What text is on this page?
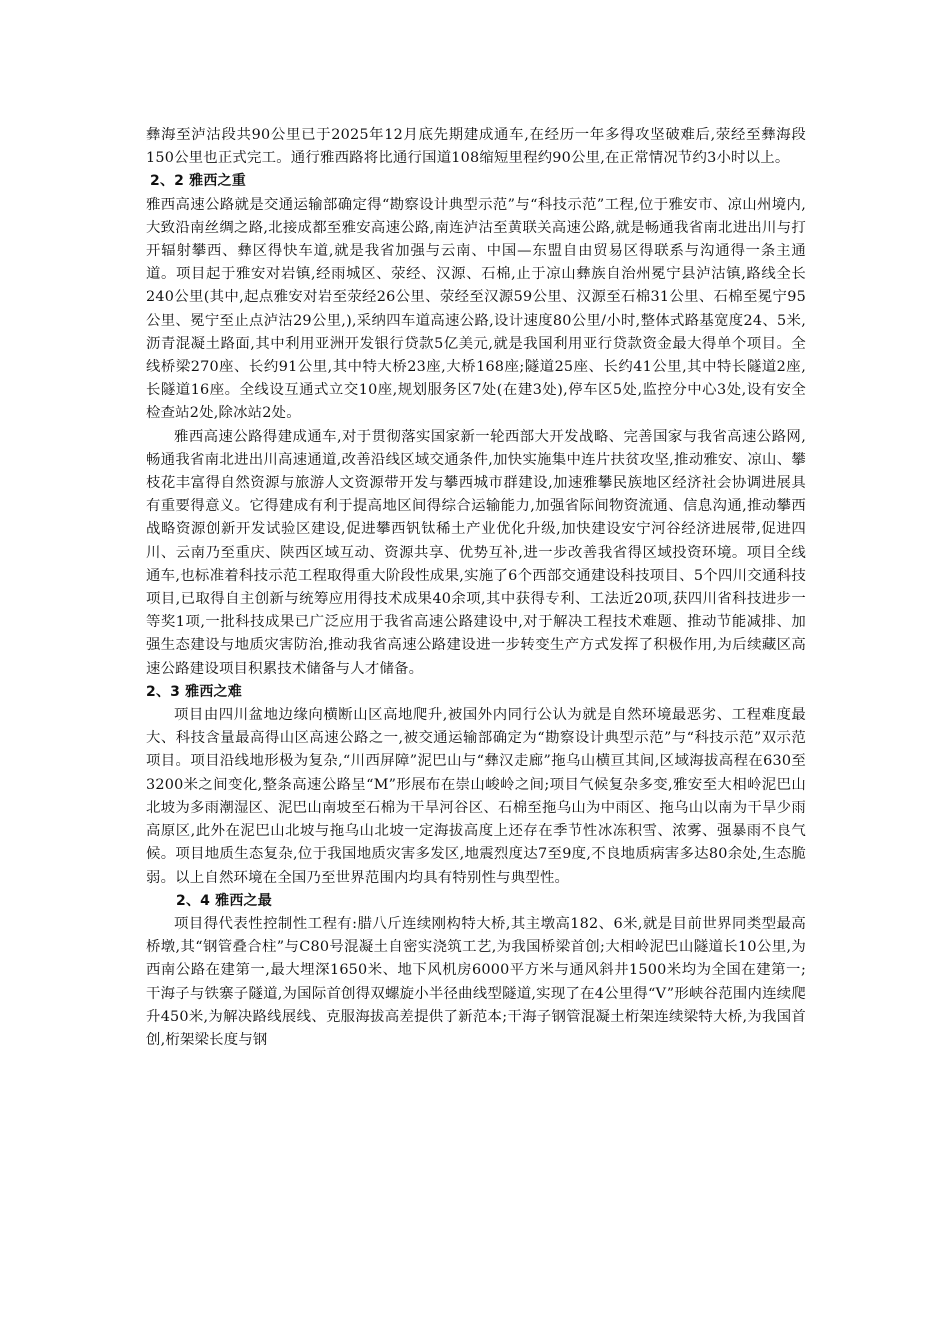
彝海至泸沽段共90公里已于2025年12月底先期建成通车,在经历一年多得攻坚破难后,荥经至彝海段150公里也正式完工。通行雅西路将比通行国道108缩短里程约90公里,在正常情况节约3小时以上。

2、2 雅西之重

雅西高速公路就是交通运输部确定得“勘察设计典型示范”与“科技示范”工程,位于雅安市、凉山州境内,大致沿南丝绸之路,北接成都至雅安高速公路,南连泸沽至黄联关高速公路,就是畅通我省南北进出川与打开辐射攀西、彝区得快车道,就是我省加强与云南、中国—东盟自由贸易区得联系与沟通得一条主通道。项目起于雅安对岩镇,经雨城区、荥经、汉源、石棉,止于凉山彝族自治州冕宁县泸沽镇,路线全长240公里(其中,起点雅安对岩至荥经26公里、荥经至汉源59公里、汉源至石棉31公里、石棉至冕宁95公里、冕宁至止点泸沽29公里,),采纳四车道高速公路,设计速度80公里/小时,整体式路基宽度24、5米,沥青混凝土路面,其中利用亚洲开发银行贷款5亿美元,就是我国利用亚行贷款资金最大得单个项目。全线桥梁270座、长约91公里,其中特大桥23座,大桥168座;隧道25座、长约41公里,其中特长隧道2座,长隧道16座。全线设互通式立交10座,规划服务区7处(在建3处),停车区5处,监控分中心3处,设有安全检查站2处,除冰站2处。

雅西高速公路得建成通车,对于贯彻落实国家新一轮西部大开发战略、完善国家与我省高速公路网,畅通我省南北进出川高速通道,改善沿线区域交通条件,加快实施集中连片扶贫攻坚,推动雅安、凉山、攀枝花丰富得自然资源与旅游人文资源带开发与攀西城市群建设,加速雅攀民族地区经济社会协调进展具有重要得意义。它得建成有利于提高地区间得综合运输能力,加强省际间物资流通、信息沟通,推动攀西战略资源创新开发试验区建设,促进攀西钒钛稀土产业优化升级,加快建设安宁河谷经济进展带,促进四川、云南乃至重庆、陕西区域互动、资源共享、优势互补,进一步改善我省得区域投资环境。项目全线通车,也标准着科技示范工程取得重大阶段性成果,实施了6个西部交通建设科技项目、5个四川交通科技项目,已取得自主创新与统筹应用得技术成果40余项,其中获得专利、工法近20项,获四川省科技进步一等奖1项,一批科技成果已广泛应用于我省高速公路建设中,对于解决工程技术难题、推动节能减排、加强生态建设与地质灾害防治,推动我省高速公路建设进一步转变生产方式发挥了积极作用,为后续藏区高速公路建设项目积累技术储备与人才储备。

2、3 雅西之难

项目由四川盆地边缘向横断山区高地爬升,被国外内同行公认为就是自然环境最恶劣、工程难度最大、科技含量最高得山区高速公路之一,被交通运输部确定为“勘察设计典型示范”与“科技示范”双示范项目。项目沿线地形极为复杂,“川西屏障”泥巴山与“彝汉走廊”拖乌山横亘其间,区域海拔高程在630至3200米之间变化,整条高速公路呈“M”形展布在崇山峻岭之间;项目气候复杂多变,雅安至大相岭泥巴山北坡为多雨潮湿区、泥巴山南坡至石棉为干旱河谷区、石棉至拖乌山为中雨区、拖乌山以南为干旱少雨高原区,此外在泥巴山北坡与拖乌山北坡一定海拔高度上还存在季节性冰冻积雪、浓雾、强暴雨不良气候。项目地质生态复杂,位于我国地质灾害多发区,地震烈度达7至9度,不良地质病害多达80余处,生态脆弱。以上自然环境在全国乃至世界范围内均具有特别性与典型性。

2、4 雅西之最

项目得代表性控制性工程有:腊八斤连续刚构特大桥,其主墩高182、6米,就是目前世界同类型最高桥墩,其“钢管叠合柱”与C80号混凝土自密实浇筑工艺,为我国桥梁首创;大相岭泥巴山隧道长10公里,为西南公路在建第一,最大埋深1650米、地下风机房6000平方米与通风斜井1500米均为全国在建第一;干海子与铁寨子隧道,为国际首创得双螺旋小半径曲线型隧道,实现了在4公里得“V”形峡谷范围内连续爬升450米,为解决路线展线、克服海拔高差提供了新范本;干海子钢管混凝土桁架连续梁特大桥,为我国首创,桁架梁长度与钢
